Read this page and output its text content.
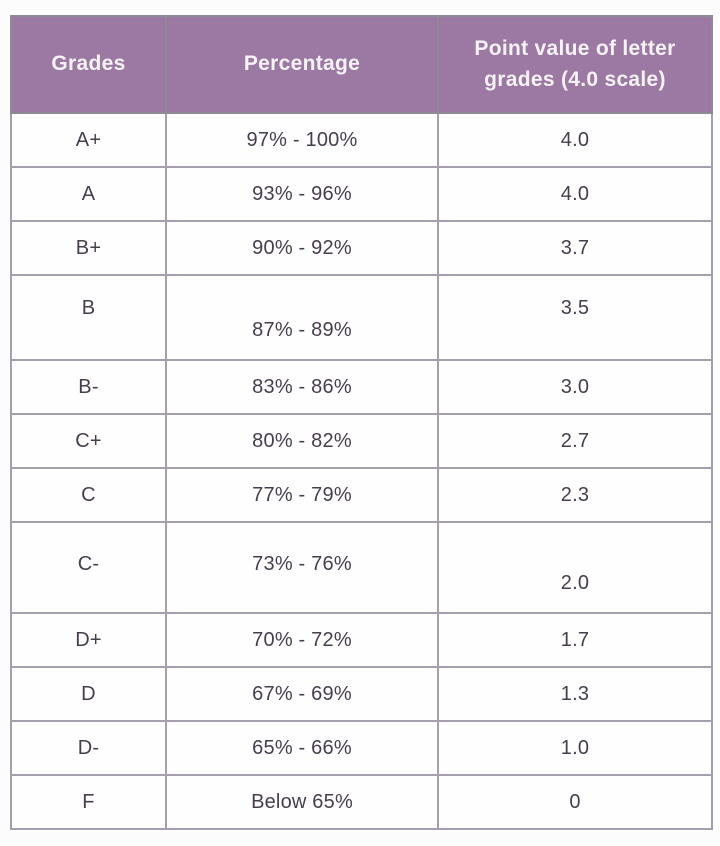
Grades	Percentage	Point value of letter grades (4.0 scale)
A+	97% - 100%	4.0
A	93% - 96%	4.0
B+	90% - 92%	3.7
B	87% - 89%	3.5
B-	83% - 86%	3.0
C+	80% - 82%	2.7
C	77% - 79%	2.3
C-	73% - 76%	2.0
D+	70% - 72%	1.7
D	67% - 69%	1.3
D-	65% - 66%	1.0
F	Below 65%	0
